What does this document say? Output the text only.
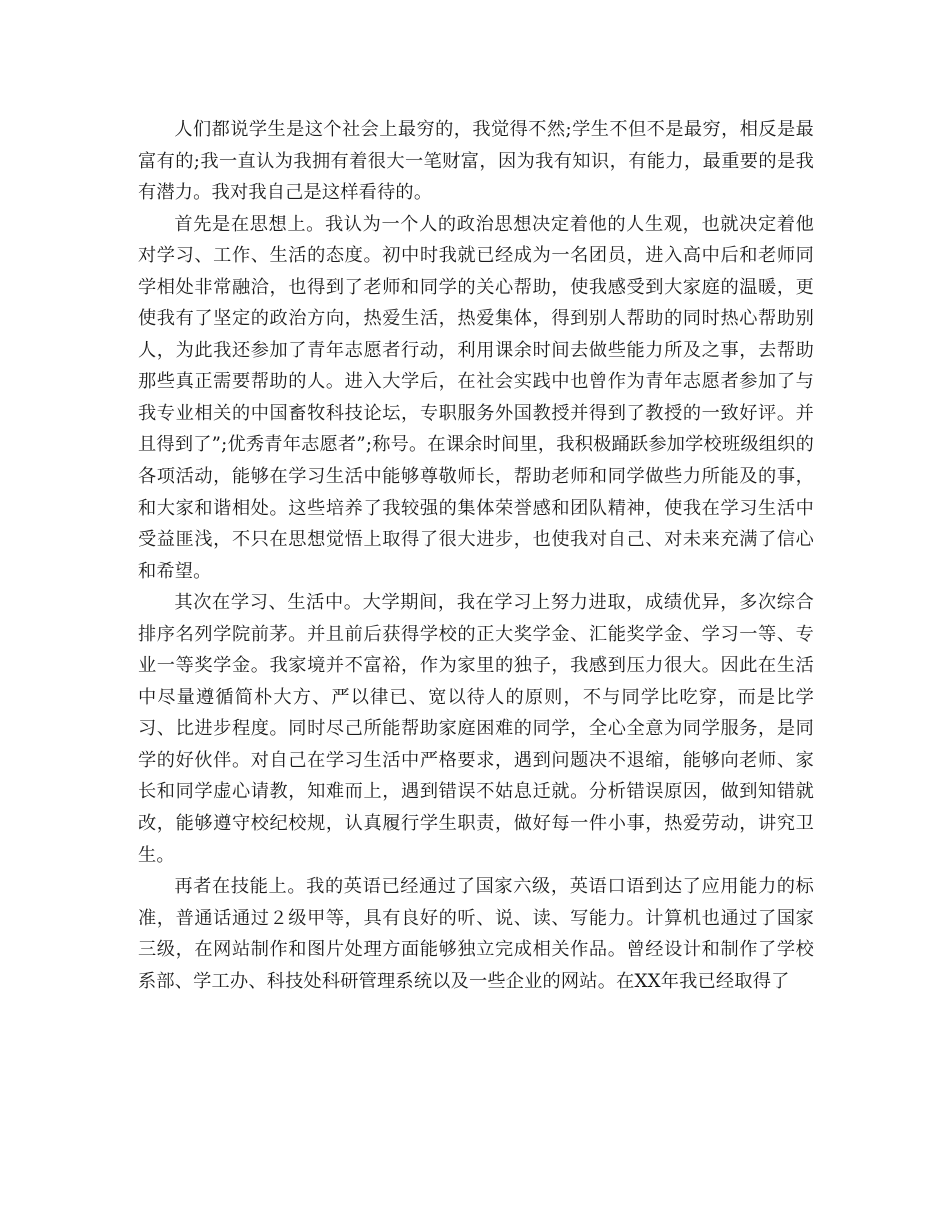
人们都说学生是这个社会上最穷的，我觉得不然;学生不但不是最穷，相反是最富有的;我一直认为我拥有着很大一笔财富，因为我有知识，有能力，最重要的是我有潜力。我对我自己是这样看待的。

首先是在思想上。我认为一个人的政治思想决定着他的人生观，也就决定着他对学习、工作、生活的态度。初中时我就已经成为一名团员，进入高中后和老师同学相处非常融洽，也得到了老师和同学的关心帮助，使我感受到大家庭的温暖，更使我有了坚定的政治方向，热爱生活，热爱集体，得到别人帮助的同时热心帮助别人，为此我还参加了青年志愿者行动，利用课余时间去做些能力所及之事，去帮助那些真正需要帮助的人。进入大学后，在社会实践中也曾作为青年志愿者参加了与我专业相关的中国畜牧科技论坛，专职服务外国教授并得到了教授的一致好评。并且得到了”;优秀青年志愿者”;称号。在课余时间里，我积极踊跃参加学校班级组织的各项活动，能够在学习生活中能够尊敬师长，帮助老师和同学做些力所能及的事，和大家和谐相处。这些培养了我较强的集体荣誉感和团队精神，使我在学习生活中受益匪浅，不只在思想觉悟上取得了很大进步，也使我对自己、对未来充满了信心和希望。

其次在学习、生活中。大学期间，我在学习上努力进取，成绩优异，多次综合排序名列学院前茅。并且前后获得学校的正大奖学金、汇能奖学金、学习一等、专业一等奖学金。我家境并不富裕，作为家里的独子，我感到压力很大。因此在生活中尽量遵循简朴大方、严以律已、宽以待人的原则，不与同学比吃穿，而是比学习、比进步程度。同时尽己所能帮助家庭困难的同学，全心全意为同学服务，是同学的好伙伴。对自己在学习生活中严格要求，遇到问题决不退缩，能够向老师、家长和同学虚心请教，知难而上，遇到错误不姑息迁就。分析错误原因，做到知错就改，能够遵守校纪校规，认真履行学生职责，做好每一件小事，热爱劳动，讲究卫生。

再者在技能上。我的英语已经通过了国家六级，英语口语到达了应用能力的标准，普通话通过２级甲等，具有良好的听、说、读、写能力。计算机也通过了国家三级，在网站制作和图片处理方面能够独立完成相关作品。曾经设计和制作了学校系部、学工办、科技处科研管理系统以及一些企业的网站。在XX年我已经取得了
